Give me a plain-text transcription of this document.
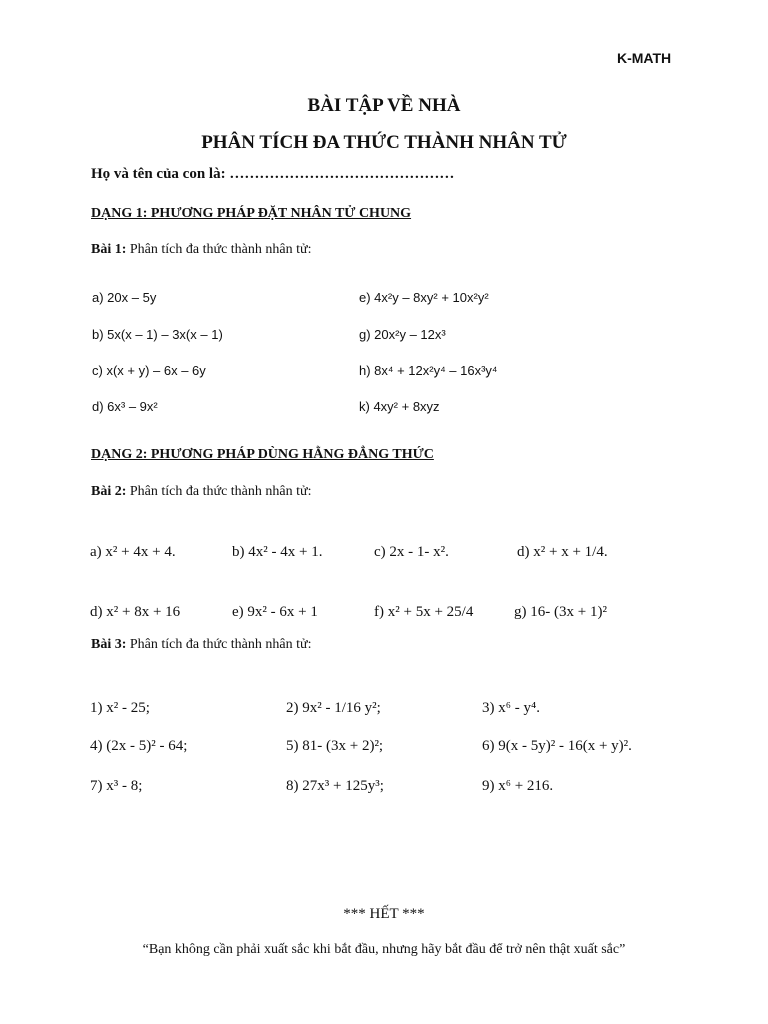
K-MATH
BÀI TẬP VỀ NHÀ
PHÂN TÍCH ĐA THỨC THÀNH NHÂN TỬ
Họ và tên của con là: ………………………………………
DẠNG 1: PHƯƠNG PHÁP ĐẶT NHÂN TỬ CHUNG
Bài 1: Phân tích đa thức thành nhân tử:
a) 20x – 5y
b) 5x(x – 1) – 3x(x – 1)
c) x(x + y) – 6x – 6y
d) 6x³ – 9x²
e) 4x²y – 8xy² + 10x²y²
g) 20x²y – 12x³
h) 8x⁴ + 12x²y⁴ – 16x³y⁴
k) 4xy² + 8xyz
DẠNG 2: PHƯƠNG PHÁP DÙNG HẰNG ĐẲNG THỨC
Bài 2: Phân tích đa thức thành nhân tử:
a) x² + 4x + 4.	b) 4x² - 4x + 1.	c) 2x - 1- x².	d) x² + x + 1/4.
d) x² + 8x + 16	e) 9x² - 6x + 1	f) x² + 5x + 25/4	g) 16- (3x + 1)²
Bài 3: Phân tích đa thức thành nhân tử:
1) x² - 25;	2) 9x² - 1/16 y²;	3) x⁶ - y⁴.
4) (2x - 5)² - 64;	5) 81- (3x + 2)²;	6) 9(x - 5y)² - 16(x + y)².
7) x³ - 8;	8) 27x³ + 125y³;	9) x⁶ + 216.
*** HẾT ***
“Bạn không cần phải xuất sắc khi bắt đầu, nhưng hãy bắt đầu để trở nên thật xuất sắc”
